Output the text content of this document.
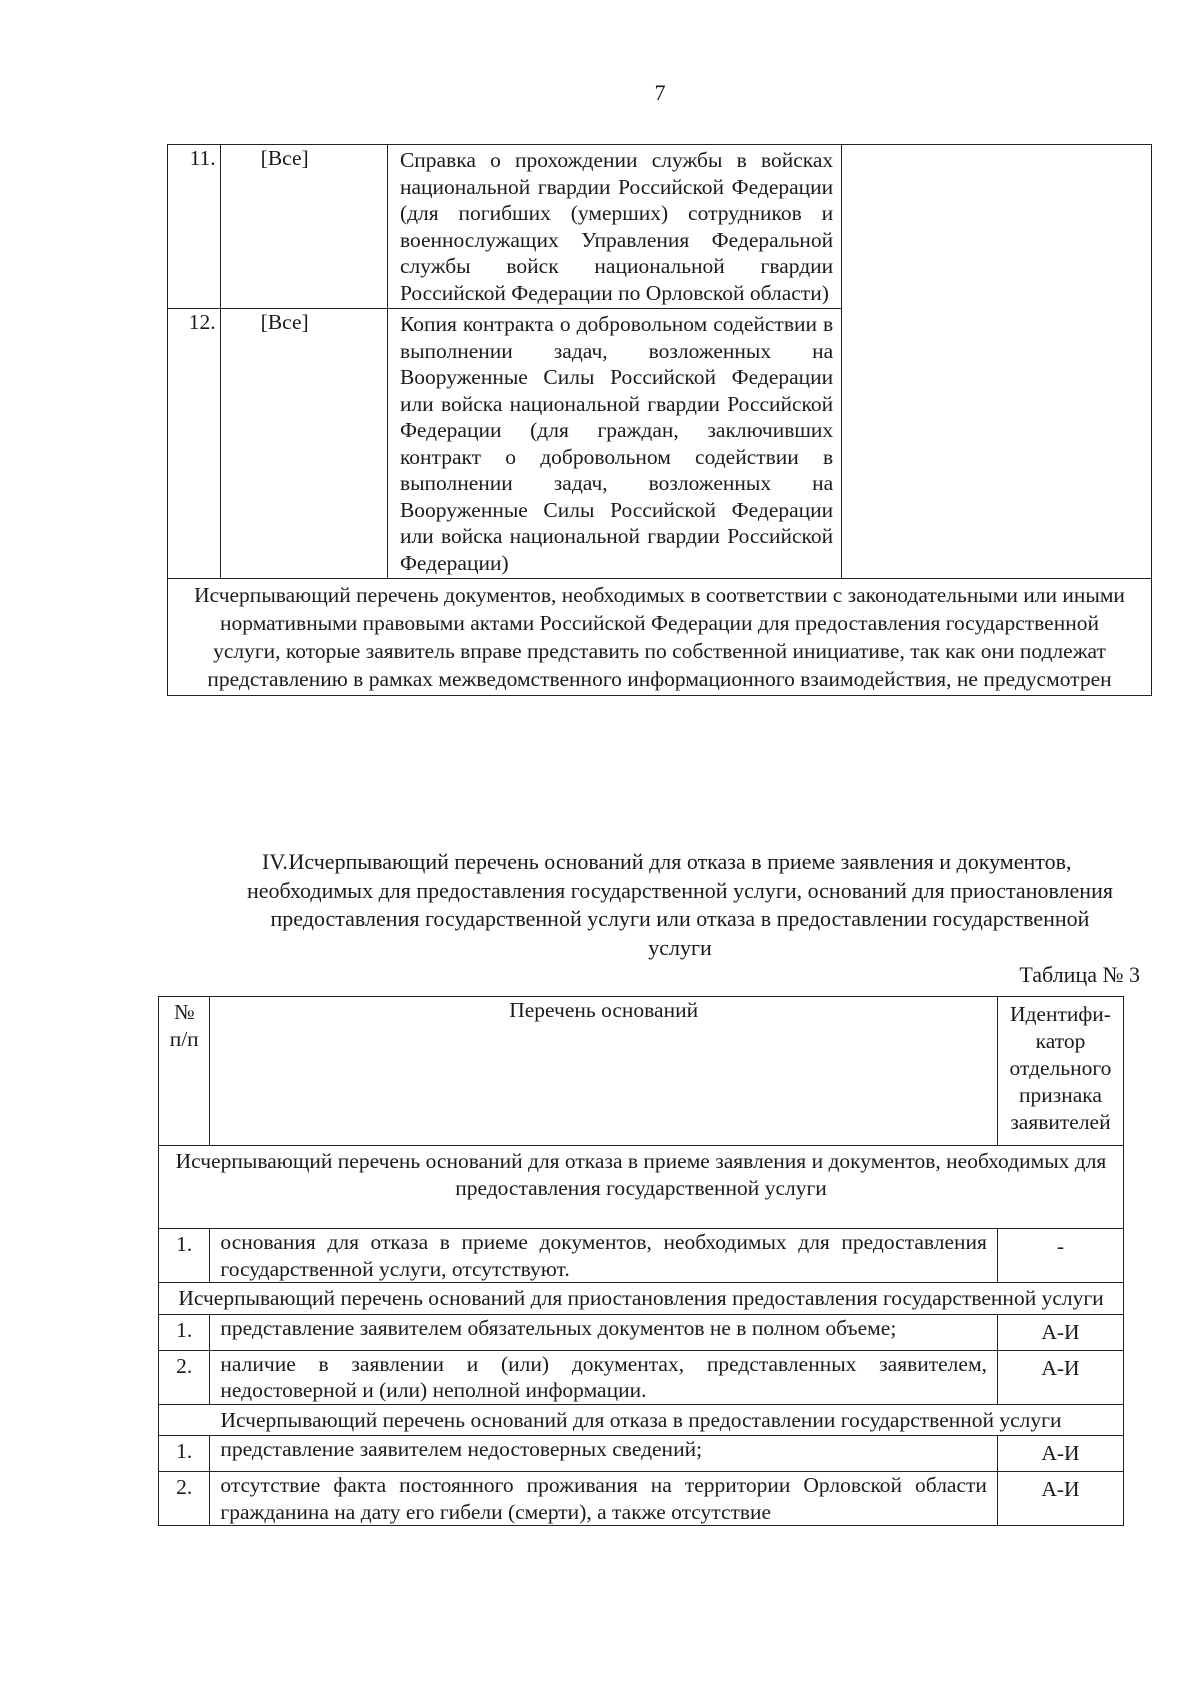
7
11.	[Все]	Справка о прохождении службы в войсках национальной гвардии Российской Федерации (для погибших (умерших) сотрудников и военнослужащих Управления Федеральной службы войск национальной гвардии Российской Федерации по Орловской области)	
12.	[Все]	Копия контракта о добровольном содействии в выполнении задач, возложенных на Вооруженные Силы Российской Федерации или войска национальной гвардии Российской Федерации (для граждан, заключивших контракт о добровольном содействии в выполнении задач, возложенных на Вооруженные Силы Российской Федерации или войска национальной гвардии Российской Федерации)	
Исчерпывающий перечень документов, необходимых в соответствии с законодательными или иными нормативными правовыми актами Российской Федерации для предоставления государственной услуги, которые заявитель вправе представить по собственной инициативе, так как они подлежат представлению в рамках межведомственного информационного взаимодействия, не предусмотрен			
IV. Исчерпывающий перечень оснований для отказа в приеме заявления и документов, необходимых для предоставления государственной услуги, оснований для приостановления предоставления государственной услуги или отказа в предоставлении государственной услуги
Таблица № 3
№ п/п	Перечень оснований	Идентифи-катор отдельного признака заявителей
Исчерпывающий перечень оснований для отказа в приеме заявления и документов, необходимых для предоставления государственной услуги		
1.	основания для отказа в приеме документов, необходимых для предоставления государственной услуги, отсутствуют.	-
Исчерпывающий перечень оснований для приостановления предоставления государственной услуги		
1.	представление заявителем обязательных документов не в полном объеме;	А-И
2.	наличие в заявлении и (или) документах, представленных заявителем, недостоверной и (или) неполной информации.	А-И
Исчерпывающий перечень оснований для отказа в предоставлении государственной услуги		
1.	представление заявителем недостоверных сведений;	А-И
2.	отсутствие факта постоянного проживания на территории Орловской области гражданина на дату его гибели (смерти), а также отсутствие	А-И
